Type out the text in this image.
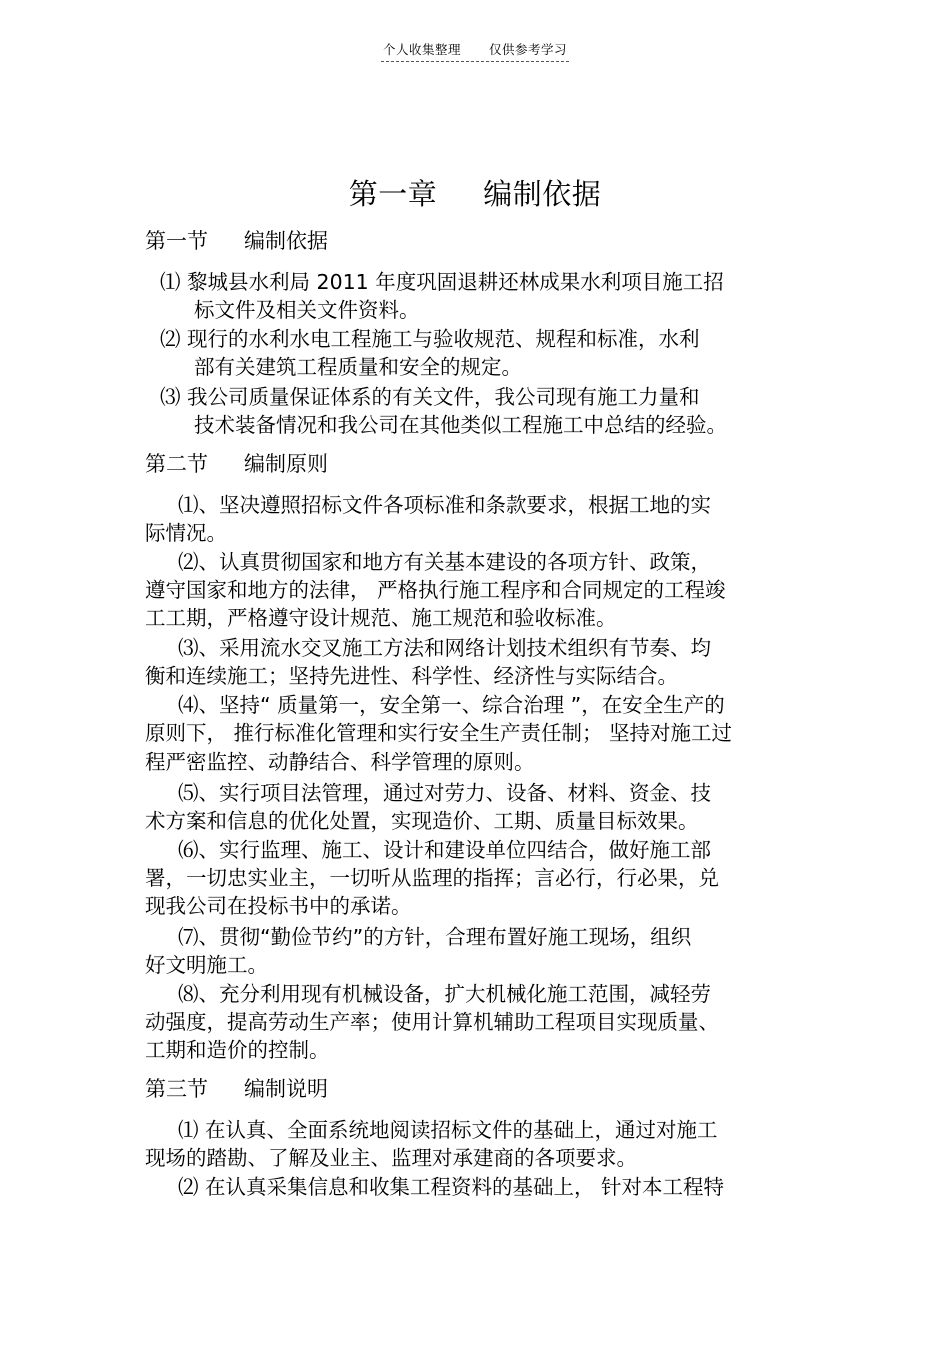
个人收集整理 仅供参考学习
第一章 编制依据
第一节 编制依据
⑴ 黎城县水利局 2011 年度巩固退耕还林成果水利项目施工招
标文件及相关文件资料。
⑵ 现行的水利水电工程施工与验收规范、规程和标准，水利
部有关建筑工程质量和安全的规定。
⑶ 我公司质量保证体系的有关文件，我公司现有施工力量和
技术装备情况和我公司在其他类似工程施工中总结的经验。
第二节 编制原则
⑴、坚决遵照招标文件各项标准和条款要求，根据工地的实
际情况。
⑵、认真贯彻国家和地方有关基本建设的各项方针、政策，
遵守国家和地方的法律， 严格执行施工程序和合同规定的工程竣
工工期，严格遵守设计规范、施工规范和验收标准。
⑶、采用流水交叉施工方法和网络计划技术组织有节奏、均
衡和连续施工；坚持先进性、科学性、经济性与实际结合。
⑷、坚持“ 质量第一，安全第一、综合治理 ”，在安全生产的
原则下， 推行标准化管理和实行安全生产责任制； 坚持对施工过
程严密监控、动静结合、科学管理的原则。
⑸、实行项目法管理，通过对劳力、设备、材料、资金、技
术方案和信息的优化处置，实现造价、工期、质量目标效果。
⑹、实行监理、施工、设计和建设单位四结合，做好施工部
署，一切忠实业主，一切听从监理的指挥；言必行，行必果，兑
现我公司在投标书中的承诺。
⑺、贯彻“勤俭节约”的方针，合理布置好施工现场，组织
好文明施工。
⑻、充分利用现有机械设备，扩大机械化施工范围，减轻劳
动强度，提高劳动生产率；使用计算机辅助工程项目实现质量、
工期和造价的控制。
第三节 编制说明
⑴ 在认真、全面系统地阅读招标文件的基础上，通过对施工
现场的踏勘、了解及业主、监理对承建商的各项要求。
⑵ 在认真采集信息和收集工程资料的基础上， 针对本工程特
